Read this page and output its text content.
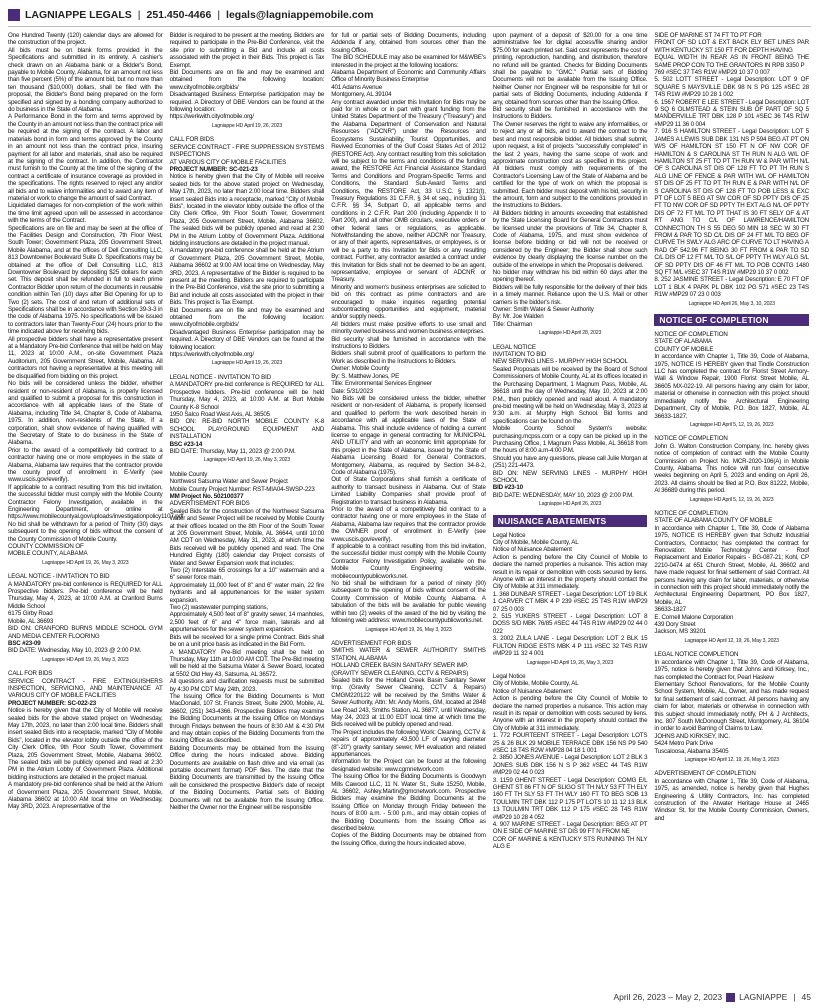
LAGNIAPPE LEGALS | 251.450-4466 | legals@lagniappemobile.com

One Hundred Twenty (120) calendar days are allowed for the construction of the project.

All bids must be on blank forms provided in the Specifications and submitted in its entirety. A cashier's check drawn on an Alabama bank or a Bidder's Bond, payable to Mobile County, Alabama, for an amount not less than five percent (5%) of the amount bid, but no more than ten thousand ($10,000) dollars, shall be filed with the proposal, the Bidder's Bond being prepared on the form specified and signed by a bonding company authorized to do business in the State of Alabama.

A Performance Bond in the form and terms approved by the County in an amount not less than the contract price will be required at the signing of the contract. A labor and materials bond in form and terms approved by the County in an amount not less than the contract price, insuring payment for all labor and materials, shall also be required at the signing of the contract. In addition, the Contractor must furnish to the County at the time of the signing of the contract a certificate of insurance coverage as provided in the specifications. The rights reserved to reject any and/or all bids and to waive informalities and to award any item of material or work to change the amount of said Contract.

Liquidated damages for non-completion of the work within the time limit agreed upon will be assessed in accordance with the terms of the Contract.

Specifications are on file and may be seen at the office of the Facilities Design and Construction, 7th Floor West, South Tower; Government Plaza, 205 Government Street, Mobile Alabama, and at the offices of Dell Consulting LLC, 813 Downtowner Boulevard Suite D. Specifications may be obtained at the office of Dell Consulting LLC, 813 Downtowner Boulevard by depositing $25 dollars for each set. This deposit shall be refunded in full to each prime Contractor Bidder upon return of the documents in reusable condition within Ten (10) days after Bid Opening for up to Two (2) sets. The cost of and return of additional sets of Specifications shall be in accordance with Section 39-3-3 in the code of Alabama 1975. No specifications will be issued to contractors later than Twenty-Four (24) hours prior to the time indicated above for receiving bids.

All prospective bidders shall have a representative present at a Mandatory Pre-bid Conference that will be held on May 11, 2023 at 10:00 A.M., on-site Government Plaza Auditorium, 205 Government Street, Mobile, Alabama. All contractors not having a representative at this meeting will be disqualified from bidding on this project.

No bids will be considered unless the bidder, whether resident or non-resident of Alabama, is properly licensed and qualified to submit a proposal for this construction in accordance with all applicable laws of the State of Alabama, including Title 34, Chapter 8, Code of Alabama, 1975. In addition, non-residents of the State, if a corporation, shall show evidence of having qualified with the Secretary of State to do business in the State of Alabama.

Prior to the award of a competitively bid contract to a contractor having one or more employees in the state of Alabama, Alabama law requires that the contractor provide the county proof of enrollment in E-Verify (see www.uscis.gov/everify).

If applicable to a contract resulting from this bid invitation, the successful bidder must comply with the Mobile County Contractor Felony Investigation, available in the Engineering Department, or online at https://www.mobilecountyal.gov/uploads/investigationpolicy1107.pdf

No bid shall be withdrawn for a period of Thirty (30) days subsequent to the opening of bids without the consent of the County Commission of Mobile County.

COUNTY COMMISSION OF

MOBILE COUNTY, ALABAMA

Lagniappe HD April 19, 26, May 3, 2023

LEGAL NOTICE - INVITATION TO BID

A MANDATORY pre-bid conference is REQUIRED for ALL Prospective bidders. Pre-bid conference will be held Thursday, May 4, 2023, at 10:00 A.M. at Cranford Burns Middle School

6175 Girby Road

Mobile, AL 36693

BID ON: CRANFORD BURNS MIDDLE SCHOOL GYM AND MEDIA CENTER FLOORING

BSC #23-09

BID DATE: Wednesday, May 10, 2023 @ 2:00 P.M.

Lagniappe HD April 19, 26, May 3, 2023

CALL FOR BIDS

SERVICE CONTRACT - FIRE EXTINGUISHERS INSPECTION, SERVICING, AND MAINTENANCE AT VARIOUS CITY OF MOBILE FACILITIES

PROJECT NUMBER: SC-022-23

Notice is hereby given that the City of Mobile will receive sealed bids for the above stated project on Wednesday, May 17th, 2023, no later than 2:00 local time. Bidders shall insert sealed Bids into a receptacle, marked "City of Mobile Bids", located in the elevator lobby outside the office of the City Clerk Office, 9th Floor South Tower, Government Plaza, 205 Government Street, Mobile, Alabama 36602. The sealed bids will be publicly opened and read at 2:30 PM in the Atrium Lobby of Government Plaza. Additional bidding instructions are detailed in the project manual.

A mandatory pre-bid conference shall be held at the Atrium of Government Plaza, 205 Government Street, Mobile, Alabama 36602 at 10:00 AM local time on Wednesday, May 3RD, 2023. A representative of the

Bidder is required to be present at the meeting. Bidders are required to participate in the Pre-Bid Conference, visit the site prior to submitting a Bid and include all costs associated with the project in their Bids. This project is Tax Exempt.

Bid Documents are on file and may be examined and obtained from the following location: www.cityofmobile.org/bids/

Disadvantaged Business Enterprise participation may be required. A Directory of DBE Vendors can be found at the following location:

https://werkwith.cityofmobile.org/

Lagniappe HD April 19, 26, 2023

CALL FOR BIDS

SERVICE CONTRACT - FIRE SUPPRESSION SYSTEMS INSPECTIONS

AT VARIOUS CITY OF MOBILE FACILITIES

PROJECT NUMBER: SC-021-23

Notice is hereby given that the City of Mobile will receive sealed bids for the above stated project on Wednesday, May 17th, 2023, no later than 2:00 local time. Bidders shall insert sealed Bids into a receptacle, marked "City of Mobile Bids", located in the elevator lobby outside the office of the City Clerk Office, 9th Floor South Tower, Government Plaza, 205 Government Street, Mobile, Alabama 36602. The sealed bids will be publicly opened and read at 2:30 PM in the Atrium Lobby of Government Plaza. Additional bidding instructions are detailed in the project manual.

A mandatory pre-bid conference shall be held at the Atrium of Government Plaza, 205 Government Street, Mobile, Alabama 36602 at 9:00 AM local time on Wednesday, May 3RD, 2023. A representative of the Bidder is required to be present at the meeting. Bidders are required to participate in the Pre-Bid Conference, visit the site prior to submitting a Bid and include all costs associated with the project in their Bids. This project is Tax Exempt.

Bid Documents are on file and may be examined and obtained from the following location: www.cityofmobile.org/bids/

Disadvantaged Business Enterprise participation may be required. A Directory of DBE Vendors can be found at the following location:

https://werkwith.cityofmobile.org/

Lagniappe HD April 19, 26, 2023

LEGAL NOTICE - INVITATION TO BID

A MANDATORY pre-bid conference is REQUIRED for ALL Prospective bidders. Pre-bid conference will be held Thursday, May 4, 2023, at 10:00 A.M. at Burt Mobile County K-8 School

1950 Salco Road West Axis, AL 36505

BID ON: RE-BID NORTH MOBILE COUNTY K-8 SCHOOL PLAYGROUND EQUIPMENT AND INSTALLATION

BSC #23-14

BID DATE: Thursday, May 11, 2023 @ 2:00 P.M.

Lagniappe HD April 19, 26, May 3, 2023

Mobile County

Northwest Satsuma Water and Sewer Project

Mobile County Project Number: RST-MIA04-SWSP-223

MM Project No. 502100377

ADVERTISEMENT FOR BIDS

Sealed Bids for the construction of the Northwest Satsuma Water and Sewer Project will be received by Mobile County at their offices located on the 8th Floor of the South Tower at 205 Government Street, Mobile, AL 36644, until 10:00 AM CDT on Wednesday, May 31, 2023, at which time the Bids received will be publicly opened and read. The One Hundred Eighty (180) calendar day Project consists of Water and Sewer Expansion work that includes:

Two (2) Interstate 65 crossings for a 10" watermain and a 6" sewer force main,

Approximately 11,000 feet of 8" and 6" water main, 22 fire hydrants and all appurtenances for the water system expansion.

Two (2) wastewater pumping stations,

Approximately 4,500 feet of 8" gravity sewer, 14 manholes, 2,500 feet of 6" and 4" force main, laterals and all appurtenances for the sewer system expansion.

Bids will be received for a single prime Contract. Bids shall be on a unit price basis as indicated in the Bid Form.

A MANDATORY Pre-Bid meeting shall be held on Thursday, May 11th at 10:00 AM CDT. The Pre-Bid meeting will be held at the Satsuma Water & Sewer Board, located at 5502 Old Hwy 43, Satsuma, AL 36572.

All questions and clarification requests must be submitted by 4:30 PM CDT May 24th, 2023.

The Issuing Office for the Bidding Documents is Mott MacDonald, 107 St. Francis Street, Suite 2900, Mobile, AL 36602, (251) 343-4366. Prospective Bidders may examine the Bidding Documents at the Issuing Office on Mondays through Fridays between the hours of 8:30 AM & 4:30 PM and may obtain copies of the Bidding Documents from the Issuing Office as described.

Bidding Documents may be obtained from the Issuing Office during the hours indicated above. Bidding Documents are available on flash drive and via email (as portable document format) PDF files. The date that the Bidding Documents are transmitted by the Issuing Office will be considered the prospective Bidder's date of receipt of the Bidding Documents. Partial sets of Bidding Documents will not be available from the Issuing Office. Neither the Owner nor the Engineer will be responsible

for full or partial sets of Bidding Documents, including Addenda if any, obtained from sources other than the Issuing Office.

The BID SCHEDULE may also be examined for M&WBE's interested in the project at the following locations:

Alabama Department of Economic and Community Affairs Office of Minority Business Enterprise

401 Adams Avenue

Montgomery, AL 39104

Any contract awarded under this Invitation for Bids may be paid for in whole or in part with grant funding from the United States Department of the Treasury ("Treasury") and the Alabama Department of Conservation and Natural Resources ("ADCNR") under the Resources and Ecosystems Sustainability, Tourist Opportunities, and Revived Economies of the Gulf Coast States Act of 2012 (RESTORE Act). Any contract resulting from this solicitation will be subject to the terms and conditions of the funding award, the RESTORE Act Financial Assistance Standard Terms and Conditions and Program-Specific Terms and Conditions, the Standard Sub-Award Terms and Conditions, the RESTORE Act, 33 U.S.C. § 1321(t), Treasury Regulations 31 C.F.R. § 34 et seq., including 31 C.F.R. §§ 34, Subpart D, all applicable terms and conditions in 2 C.F.R. Part 200 (including Appendix II to Part 200), and all other OMB circulars, executive orders or other federal laws or regulations, as applicable. Notwithstanding the above, neither ADCNR nor Treasury, or any of their agents, representatives, or employees, is or will be a party to this Invitation for Bids or any resulting contract. Further, any contractor awarded a contract under this Invitation for Bids shall not be deemed to be an agent, representative, employee or servant of ADCNR or Treasury.

Minority and women's business enterprises are solicited to bid on this contract as prime contractors and are encouraged to make inquiries regarding potential subcontracting opportunities and equipment, material and/or supply needs.

All bidders must make positive efforts to use small and minority owned business and women business enterprises.

Bid security shall be furnished in accordance with the Instructions to Bidders.

Bidders shall submit proof of qualifications to perform the Work as described in the Instructions to Bidders.

Owner: Mobile County

By: S. Matthew Jones, PE

Title: Environmental Services Engineer

Date: 5/31/2023

No Bids will be considered unless the bidder, whether resident or non-resident of Alabama, is properly licensed and qualified to perform the work described herein in accordance with all applicable laws of the State of Alabama. This shall include evidence of holding a current license to engage in general contracting for MUNICIPAL AND UTILITY and with an economic limit appropriate for this project in the State of Alabama, issued by the State of Alabama Licensing Board for General Contractors, Montgomery, Alabama, as required by Section 34-8-2, Code of Alabama (1975).

Out of State Corporations shall furnish a certificate of authority to transact business in Alabama. Out of State Limited Liability Companies shall provide proof of Registration to transact business in Alabama.

Prior to the award of a competitively bid contract to a contractor having one or more employees in the State of Alabama, Alabama law requires that the contractor provide the OWNER proof of enrollment in E-Verify (see www.uscis.gov/everify).

If applicable to a contract resulting from this bid invitation, the successful bidder must comply with the Mobile County Contractor Felony Investigation Policy, available on the Mobile County Engineering website, mobilecountypublicworks.net.

No bid shall be withdrawn for a period of ninety (90) subsequent to the opening of bids without consent of the County Commission of Mobile County, Alabama. A tabulation of the bids will be available for public viewing within two (2) weeks of the award of the bid by visiting the following web address: www.mobilecountypublicworks.net.

Lagniappe HD April 19, 26, May 3, 2023

ADVERTISEMENT FOR BIDS

SMITHS WATER & SEWER AUTHORITY SMITHS STATION, ALABAMA

HOLLAND CREEK BASIN SANITARY SEWER IMP.

(GRAVITY SEWER CLEANING, CCTV & REPAIRS)

Sealed bids for the Holland Creek Basin Sanitary Sewer Imp. (Gravity Sewer Cleaning, CCTV & Repairs) CMGM220122 will be received by the Smiths Water & Sewer Authority, Attn: Mr. Andy Morris, GM, located at 2848 Lee Road 243, Smiths Station, AL 36877, until Wednesday, May 24, 2023 at 11:00 EDT local time at which time the Bids received will be publicly opened and read.

The Project includes the following Work: Cleaning, CCTV & repairs of approximately 43,500 LF of varying diameter (8"-20") gravity sanitary sewer, MH evaluation and related appurtenances.

Information for the Project can be found at the following designated website: www.cgmnetwork.com

The Issuing Office for the Bidding Documents is Goodwyn Mills Cawood LLC, 11 N. Water St., Suite 15250, Mobile, AL 36602, Ashley.Martin@gmcnetwork.com. Prospective Bidders may examine the Bidding Documents at the Issuing Office on Monday through Friday between the hours of 8:00 a.m. - 5:00 p.m., and may obtain copies of the Bidding Documents from the Issuing Office as described below.

Copies of the Bidding Documents may be obtained from the Issuing Office, during the hours indicated above,

upon payment of a deposit of $20.00 for a one time administrative fee for digital access/file sharing and/or $75.00 for each printed set. Said cost represents the cost of printing, reproduction, handling, and distribution, therefore no refund will be granted. Checks for Bidding Documents shall be payable to "GMC." Partial sets of Bidding Documents will not be available from the Issuing Office. Neither Owner nor Engineer will be responsible for full or partial sets of Bidding Documents, including Addenda if any, obtained from sources other than the Issuing Office.

Bid security shall be furnished in accordance with the Instructions to Bidders.

The Owner reserves the right to waive any informalities, or to reject any or all bids, and to award the contract to the best and most responsible bidder. All bidders shall submit, upon request, a list of projects "successfully completed" in the last 2 years, having the same scope of work and approximate construction cost as specified in this project. All bidders must comply with requirements of the Contractor's Licensing Law of the State of Alabama and be certified for the type of work on which the proposal is submitted. Each bidder must deposit with his bid, security in the amount, form and subject to the conditions provided in the Instructions to Bidders.

All Bidders bidding in amounts exceeding that established by the State Licensing Board for General Contractors must be licensed under the provisions of Title 34, Chapter 8, Code of Alabama, 1975, and must show evidence of license before bidding or bid will not be received or considered by the Engineer; the Bidder shall show such evidence by clearly displaying the license number on the outside of the envelope in which the Proposal is delivered.

No bidder may withdraw his bid within 60 days after the opening thereof.

Bidders will be fully responsible for the delivery of their bids in a timely manner. Reliance upon the U.S. Mail or other carriers is the bidder's risk.

Owner: Smith Water & Sewer Authority

By: Mr. Joe Walden

Title: Chairman

Lagniappe HD April 28, 2023

LEGAL NOTICE

INVITATION TO BID

NEW SERVING LINES - MURPHY HIGH SCHOOL

Sealed Proposals will be received by the Board of School Commissioners of Mobile County, AL at its offices located in the Purchasing Department, 1 Magnum Pass, Mobile, AL 36618 until the day of Wednesday, May 10, 2023 at 2:00 P.M., then publicly opened and read aloud. A mandatory pre-bid meeting will be held on Wednesday, May 3, 2023 at 9:30 a.m. at Murphy High School. Bid forms and specifications can be found on the

Mobile County School System's website: purchasing.mcpss.com or a copy can be picked up in the Purchasing Office, 1 Magnum Pass Mobile, AL 36618 from the hours of 8:00 a.m-4:00 P.M.

Should you have any questions, please call Julie Morgan at (251) 221-4473.

BID ON: NEW SERVING LINES - MURPHY HIGH SCHOOL

BID #23-10

BID DATE: WEDNESDAY, MAY 10, 2023 @ 2:00 P.M.

Lagniappe HD April 26, 2023

NUISANCE ABATEMENTS

Legal Notice

City of Mobile, Mobile County, AL

Notice of Nuisance Abatement

Action is pending before the City Council of Mobile to declare the named properties a nuisance. This action may result in its repair or demolition with costs secured by liens. Anyone with an interest in the property should contact the City of Mobile at 311 immediately.

1. 368 DUNBAR STREET - Legal Description: LOT 19 BLK 1 CARVER CT MBK 4 P 239 #SEC 25 T4S R1W #MP29 07 25 0 003

2. 515 YUKERS STREET - Legal Description: LOT 8 DOSS S/D MBK 76/85 #SEC 44 T4S R1W #MP29 02 44 0 022

3. 2002 ZULA LANE - Legal Description: LOT 2 BLK 15 FULTON RIDGE ESTS MBK 4 P 111 #SEC 32 T4S R1W #MP29 11 32 4 001

Lagniappe HD April 19, 26, May 3, 2023

Legal Notice

City of Mobile, Mobile County, AL

Notice of Nuisance Abatement

Action is pending before the City Council of Mobile to declare the named properties a nuisance. This action may result in its repair or demolition with costs secured by liens. Anyone with an interest in the property should contact the City of Mobile at 311 immediately.

1. 772 FOURTEENT STREET - Legal Description: LOTS 25 & 26 BLK 29 MOBILE TERRACE DBK 156 NS P9 540 #SEC 18 T4S R2W #MP28 04 18 1 001

2. 3850 JONES AVENUE - Legal Description: LOT 2 BLK 3 JONES SUB DBK 156 N S P 362 #SEC 44 T4S R1W #MP29 02 44 0 023

3. 1159 GHENT STREET - Legal Description: COMG E/L GHENT ST 86 FT N OF SLIGO ST TH N/LY 53 FT TH ELY 160 FT TH SLY 53 FT TH WLY 160 FT TO BEG SOB 13 TOULMIN TRT DBK 112 P 175 PT LOTS 10 11 12 13 BLK 13 TOULMIN TRT DBK 112 P 175 #SEC 28 T4S R1W #MP29 10 28 4 052

4. 907 MARINE STREET - Legal Description: BEG AT PT ON E SIDE OF MARINE ST DIS 99 FT N FROM NE

COR OF MARINE & KENTUCKY STS RUNNING TH NLY ALG E

SIDE OF MARINE ST 74 FT TO PT FOR

FRONT OF SD LOT & EXT BACK ELY BET LINES PAR WITH KENTUCKY ST 150 FT FOR DEPTH HAVING

EQUAL WIDTH IN REAR AS IN FRONT BEING THE SAME PROP CON TO THE GRANTORS IN RPB 3350 P

769 #SEC 37 T4S R1W #MP29 10 37 0 007

5. 502 LOTT STREET - Legal Description: LOT 9 OF SQUARE 5 MAYSVILLE DBK 98 N S PG 125 #SEC 28 T4S R1W #MP29 10 28 1 002

6. 1567 ROBERT E LEE STREET - Legal Description: LOT 9 SQ 6 OLMSTEAD & STEIN SUB OF PART OF SQ 5 MANDERVILLE TRT DBK 128 P 101 #SEC 36 T4S R1W #MP29 11 36 0 004

7. 916 S HAMILTON STREET - Legal Description: LOT 5 JAMES A LEWIS SUB DBK 131 NS P 594 BEG AT PT ON W/S OF HAMILTON ST 150 FT N OF NW COR OF HAMILTON & S CAROLINA ST TH RUN N ALG W/L OF HAMILTON ST 25 FT TO PT TH RUN W & PAR WITH N/L OF S CAROLINA ST DIS OF 128 FT TO PT TH RUN S ALG LINE OF FENCE & PAR WITH W/L OF HAMILTON ST DIS OF 25 FT TO PT TH RUN E & PAR WITH N/L OF S CAROLINA ST DIS OF 128 FT TO POB LESS & EXC PT OF LOT 5 BEG AT SW COR OF SD PPTY DIS OF 25 FT TO NW COR OF SD PPTY TH EXT ALG N/L OF PPTY DIS OF 72 FT M/L TO PT THAT IS 30 FT SELY OF & AT RT ANG TO C/L OF LAWRENCE/HAMILTON CONNECTION TH S 55 DEG 50 MIN 18 SEC W 30 FT FROM & PAR TO SD C/L DIS OF 24 FT M/L TO BEG OF CURVE TH SWLY ALG ARC OF CURVE TO LT HAVING A RAD OF 542.96 FT BEING 30 FT FROM & PAR TO SD C/L DIS OF 12 FT M/L TO S/L OF PPTY TH WLY ALG S/L OF SD PPTY DIS OF 46 FT M/L TO POB CONTG 1480 SQ FT M/L #SEC 37 T4S R1W #MP29 10 37 0 002

8. 252 JASMINE STREET - Legal Description: E 70 FT OF LOT 1 BLK 4 PARK PL DBK 102 PG 571 #SEC 23 T4S R1W #MP29 07 23 0 003

Lagniappe HD April 26, May 3, 10, 2023

NOTICE OF COMPLETION

NOTICE OF COMPLETION

STATE OF ALABAMA

COUNTY OF MOBILE

In accordance with Chapter 1, Title 39, Code of Alabama, 1975, NOTICE IS HEREBY given that Tindle Construction LLC has completed the contract for Florist Street Armory-Wall & Window Repair, 1900 Florist Street Mobile, AL 36605 MX-022-19. All persons having any claim for labor, material or otherwise in connection with this project should immediately notify the Architectural Engineering Department, City of Mobile, P.O. Box 1827, Mobile, AL 36633-1827.

Lagniappe HD April 5, 12, 19, 26, 2023

NOTICE OF COMPLETION

John G. Walton Construction Company, Inc. hereby gives notice of completion of contract with the Mobile County Commission on Project No. MCR-2020-106(A) in Mobile County, Alabama. This notice will run four consecutive weeks beginning on April 5, 2023 and ending on April 26, 2023. All claims should be filed at P.O. Box 81222, Mobile, Al 36689 during this period.

Lagniappe HD April 5, 12, 19, 26, 2023

NOTICE OF COMPLETION

STATE OF ALABAMA COUNTY OF MOBILE

In accordance with Chapter 1, Title 39, Code of Alabama 1975, NOTICE IS HEREBY given that Schultz Industrial Contractors, Contractor, has completed the contract for Renovation: Mobile Technology Center - Roof Replacement and Exterior Repairs - BG-087-21; Kohl, CP 2210-0474 at 651 Church Street, Mobile, AL 36602 and have made request for final settlement of said Contract. All persons having any claim for labor, materials, or otherwise in connection with this project should immediately notify the Architectural Engineering Department, PO Box 1827, Mobile, AL

36633-1827

E. Cornell Malone Corporation

439 Dory Street

Jackson, MS 39201

Lagniappe HD April 12, 19, 26, May 3, 2023

LEGAL NOTICE COMPLETION

In accordance with Chapter 1, Title 39, Code of Alabama, 1975, notice is hereby given that Johns and Kirksey, Inc., has completed the Contract for, Pearl Haskew

Elementary School Renovations, for the Mobile County School System, Mobile, AL, Owner, and has made request for final settlement of said contract. All persons having any claim for labor, materials or otherwise in connection with this subject should immediately notify, PH & J Architects, Inc. 807 South McDonough Street, Montgomery, AL 36104 in order to avoid Barring of Claims to Law.

JOHNS AND KIRKSEY, INC.

5424 Metro Park Drive

Tuscaloosa, Alabama 35405

Lagniappe HD April 12, 19, 26, May 3, 2023

ADVERTISEMENT OF COMPLETION

In accordance with Chapter 1, Title 39, Code of Alabama, 1975, as amended, notice is hereby given that Hughes Engineering & Utility Contractors, Inc. has completed construction of the Atwater Heritage House at 2465 Windsor St. for the Mobile County Commission, Owners, and

April 26, 2023 – May 2, 2023 LAGNIAPPE | 45
